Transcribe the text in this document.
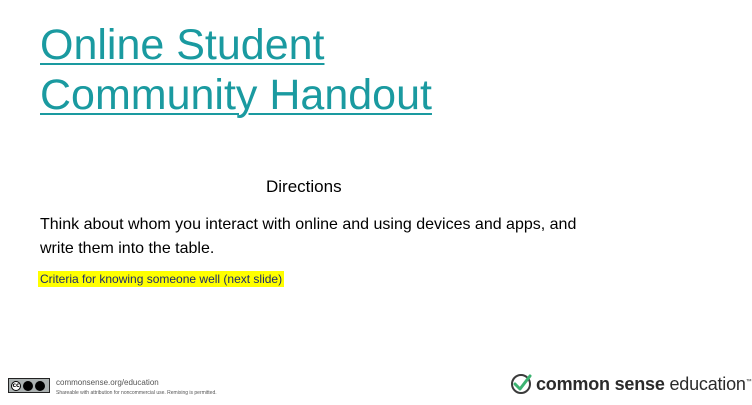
Online Student
Community Handout
Directions
Think about whom you interact with online and using devices and apps, and write them into the table.
Criteria for knowing someone well (next slide)
cc	commonsense.org/education
Shareable with attribution for noncommercial use. Remixing is permitted.	common sense education™
